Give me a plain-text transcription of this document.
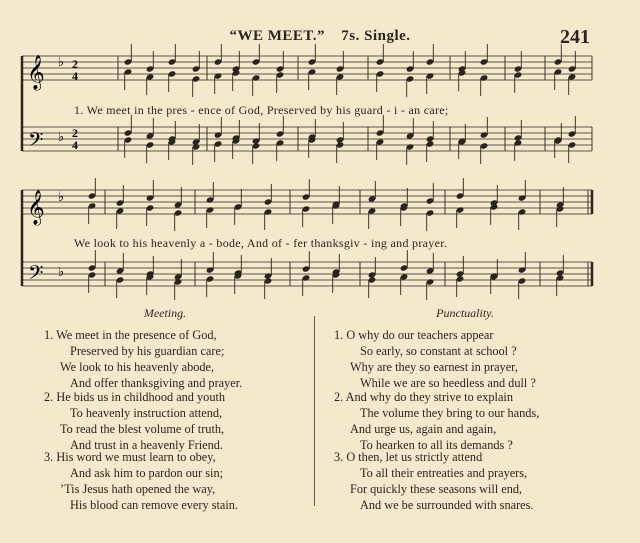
“WE MEET.” 7s. Single.	241
𝄞
𝄢
𝄞
𝄢
♭
♭
♭
♭
2
4
2
4
1. We meet in the pres - ence of God, Preserved by his guard - i - an care;
We look to his heavenly a - bode, And of - fer thanksgiv - ing and prayer.
Meeting.	Punctuality.
1. We meet in the presence of God,
Preserved by his guardian care;
We look to his heavenly abode,
And offer thanksgiving and prayer.
2. He bids us in childhood and youth
To heavenly instruction attend,
To read the blest volume of truth,
And trust in a heavenly Friend.
3. His word we must learn to obey,
And ask him to pardon our sin;
’Tis Jesus hath opened the way,
His blood can remove every stain.
1. O why do our teachers appear
So early, so constant at school ?
Why are they so earnest in prayer,
While we are so heedless and dull ?
2. And why do they strive to explain
The volume they bring to our hands,
And urge us, again and again,
To hearken to all its demands ?
3. O then, let us strictly attend
To all their entreaties and prayers,
For quickly these seasons will end,
And we be surrounded with snares.
